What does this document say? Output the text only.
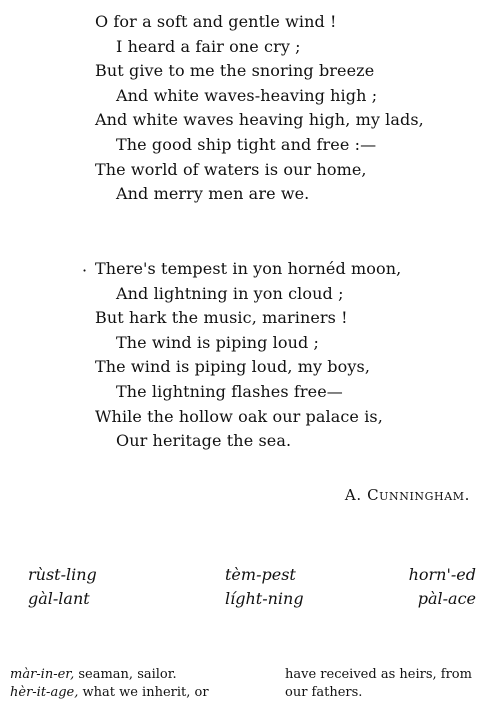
O for a soft and gentle wind !
I heard a fair one cry ;
But give to me the snoring breeze
And white waves-heaving high ;
And white waves heaving high, my lads,
The good ship tight and free :—
The world of waters is our home,
And merry men are we.
· There's tempest in yon hornéd moon,
And lightning in yon cloud ;
But hark the music, mariners !
The wind is piping loud ;
The wind is piping loud, my boys,
The lightning flashes free—
While the hollow oak our palace is,
Our heritage the sea.
A. Cunningham.
rùst-ling
gàl-lant
tèm-pest
líght-ning
horn'-ed
pàl-ace
màr-in-er, seaman, sailor.
hèr-it-age, what we inherit, or
have received as heirs, from
our fathers.
